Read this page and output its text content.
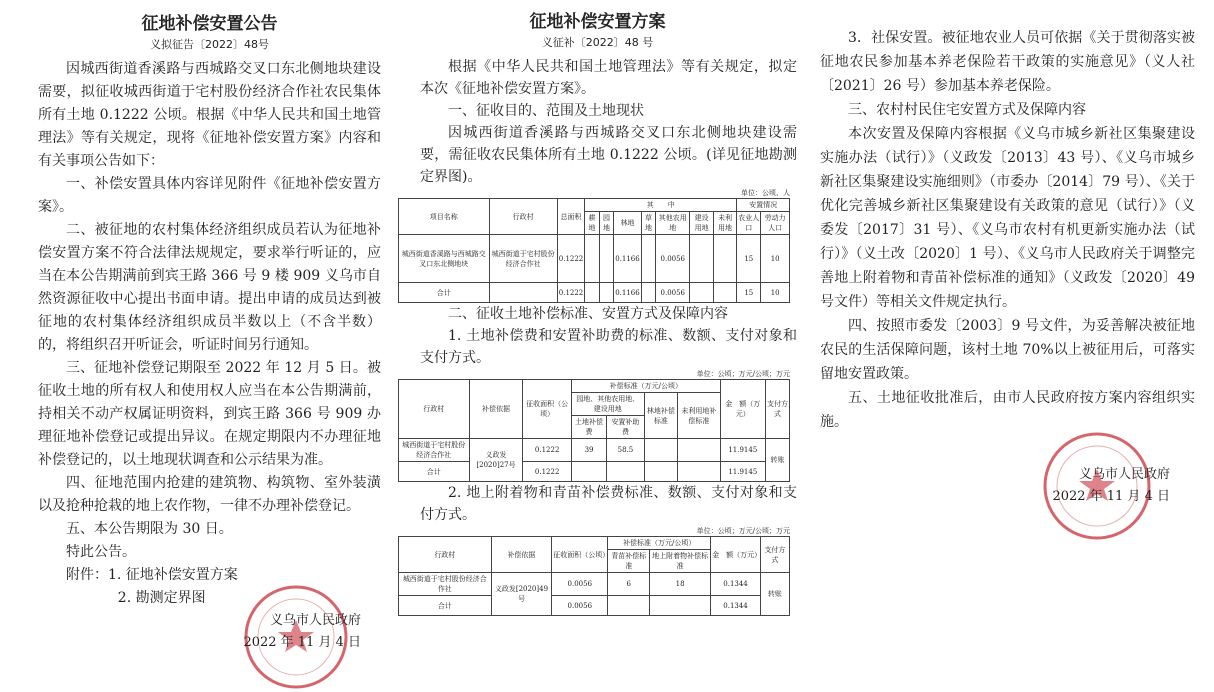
征地补偿安置公告
义拟征告〔2022〕48号

因城西街道香溪路与西城路交叉口东北侧地块建设需要，拟征收城西街道于宅村股份经济合作社农民集体所有土地 0.1222 公顷。根据《中华人民共和国土地管理法》等有关规定，现将《征地补偿安置方案》内容和有关事项公告如下：

一、补偿安置具体内容详见附件《征地补偿安置方案》。

二、被征地的农村集体经济组织成员若认为征地补偿安置方案不符合法律法规规定，要求举行听证的，应当在本公告期满前到宾王路 366 号 9 楼 909 义乌市自然资源征收中心提出书面申请。提出申请的成员达到被征地的农村集体经济组织成员半数以上（不含半数）的，将组织召开听证会，听证时间另行通知。

三、征地补偿登记期限至 2022 年 12 月 5 日。被征收土地的所有权人和使用权人应当在本公告期满前，持相关不动产权属证明资料，到宾王路 366 号 909 办理征地补偿登记或提出异议。在规定期限内不办理征地补偿登记的，以土地现状调查和公示结果为准。

四、征地范围内抢建的建筑物、构筑物、室外装潢以及抢种抢栽的地上农作物，一律不办理补偿登记。

五、本公告期限为 30 日。

特此公告。

附件：1. 征地补偿安置方案

2. 勘测定界图

义乌市人民政府
2022 年 11 月 4 日
征地补偿安置方案
义征补〔2022〕48 号

根据《中华人民共和国土地管理法》等有关规定，拟定本次《征地补偿安置方案》。

一、征收目的、范围及土地现状

因城西街道香溪路与西城路交叉口东北侧地块建设需要，需征收农民集体所有土地 0.1222 公顷。(详见征地勘测定界图)。

单位：公顷、人
项目名称	行政村	总面积	其　　中							安置情况	
			耕地	园地	林地	草地	其他农用地	建设用地	未利用地	农业人口	劳动力人口
城西街道香溪路与西城路交叉口东北侧地块	城西街道于宅村股份经济合作社	0.1222			0.1166		0.0056			15	10
合计		0.1222			0.1166		0.0056			15	10

二、征收土地补偿标准、安置方式及保障内容

1. 土地补偿费和安置补助费的标准、数额、支付对象和支付方式。

单位：公顷；万元/公顷；万元
行政村	补偿依据	征收面积（公顷）	补偿标准（万元/公顷）				金　额（万元）	支付方式
			园地、其他农用地、建设用地		林地补偿标准	未利用地补偿标准		
			土地补偿费	安置补助费				
城西街道于宅村股份经济合作社	义政发[2020]27号	0.1222	39	58.5			11.9145	转账
合计		0.1222					11.9145	

2. 地上附着物和青苗补偿费标准、数额、支付对象和支付方式。

单位：公顷；万元/公顷；万元
行政村	补偿依据	征收面积（公顷）	补偿标准（万元/公顷）		金　额（万元）	支付方式
			青苗补偿标准	地上附着物补偿标准		
城西街道于宅村股份经济合作社	义政发[2020]49号	0.0056	6	18	0.1344	转账
合计		0.0056			0.1344	

3．社保安置。被征地农业人员可依据《关于贯彻落实被征地农民参加基本养老保险若干政策的实施意见》（义人社〔2021〕26 号）参加基本养老保险。

三、农村村民住宅安置方式及保障内容

本次安置及保障内容根据《义乌市城乡新社区集聚建设实施办法（试行）》（义政发〔2013〕43 号）、《义乌市城乡新社区集聚建设实施细则》（市委办〔2014〕79 号）、《关于优化完善城乡新社区集聚建设有关政策的意见（试行）》（义委发〔2017〕31 号）、《义乌市农村有机更新实施办法（试行）》（义土改〔2020〕1 号）、《义乌市人民政府关于调整完善地上附着物和青苗补偿标准的通知》（义政发〔2020〕49 号文件）等相关文件规定执行。

四、按照市委发〔2003〕9 号文件，为妥善解决被征地农民的生活保障问题，该村土地 70%以上被征用后，可落实留地安置政策。

五、土地征收批准后，由市人民政府按方案内容组织实施。

义乌市人民政府
2022 年 11 月 4 日
